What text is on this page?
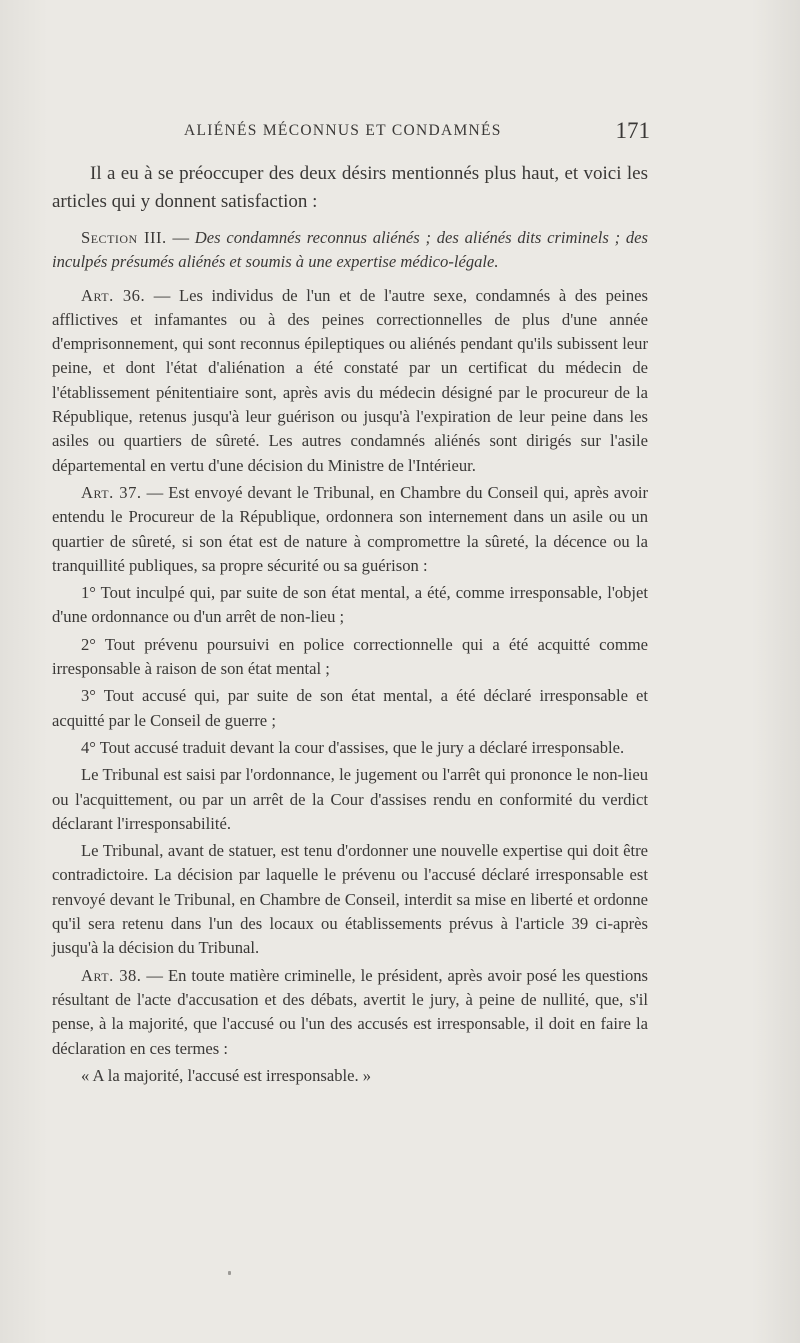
ALIÉNÉS MÉCONNUS ET CONDAMNÉS	171

Il a eu à se préoccuper des deux désirs mentionnés plus haut, et voici les articles qui y donnent satisfaction :

Section III. — Des condamnés reconnus aliénés ; des aliénés dits criminels ; des inculpés présumés aliénés et soumis à une expertise médico-légale.

Art. 36. — Les individus de l'un et de l'autre sexe, condamnés à des peines afflictives et infamantes ou à des peines correctionnelles de plus d'une année d'emprisonnement, qui sont reconnus épileptiques ou aliénés pendant qu'ils subissent leur peine, et dont l'état d'aliénation a été constaté par un certificat du médecin de l'établissement pénitentiaire sont, après avis du médecin désigné par le procureur de la République, retenus jusqu'à leur guérison ou jusqu'à l'expiration de leur peine dans les asiles ou quartiers de sûreté. Les autres condamnés aliénés sont dirigés sur l'asile départemental en vertu d'une décision du Ministre de l'Intérieur.

Art. 37. — Est envoyé devant le Tribunal, en Chambre du Conseil qui, après avoir entendu le Procureur de la République, ordonnera son internement dans un asile ou un quartier de sûreté, si son état est de nature à compromettre la sûreté, la décence ou la tranquillité publiques, sa propre sécurité ou sa guérison :

1° Tout inculpé qui, par suite de son état mental, a été, comme irresponsable, l'objet d'une ordonnance ou d'un arrêt de non-lieu ;

2° Tout prévenu poursuivi en police correctionnelle qui a été acquitté comme irresponsable à raison de son état mental ;

3° Tout accusé qui, par suite de son état mental, a été déclaré irresponsable et acquitté par le Conseil de guerre ;

4° Tout accusé traduit devant la cour d'assises, que le jury a déclaré irresponsable.

Le Tribunal est saisi par l'ordonnance, le jugement ou l'arrêt qui prononce le non-lieu ou l'acquittement, ou par un arrêt de la Cour d'assises rendu en conformité du verdict déclarant l'irresponsabilité.

Le Tribunal, avant de statuer, est tenu d'ordonner une nouvelle expertise qui doit être contradictoire. La décision par laquelle le prévenu ou l'accusé déclaré irresponsable est renvoyé devant le Tribunal, en Chambre de Conseil, interdit sa mise en liberté et ordonne qu'il sera retenu dans l'un des locaux ou établissements prévus à l'article 39 ci-après jusqu'à la décision du Tribunal.

Art. 38. — En toute matière criminelle, le président, après avoir posé les questions résultant de l'acte d'accusation et des débats, avertit le jury, à peine de nullité, que, s'il pense, à la majorité, que l'accusé ou l'un des accusés est irresponsable, il doit en faire la déclaration en ces termes :

« A la majorité, l'accusé est irresponsable. »
